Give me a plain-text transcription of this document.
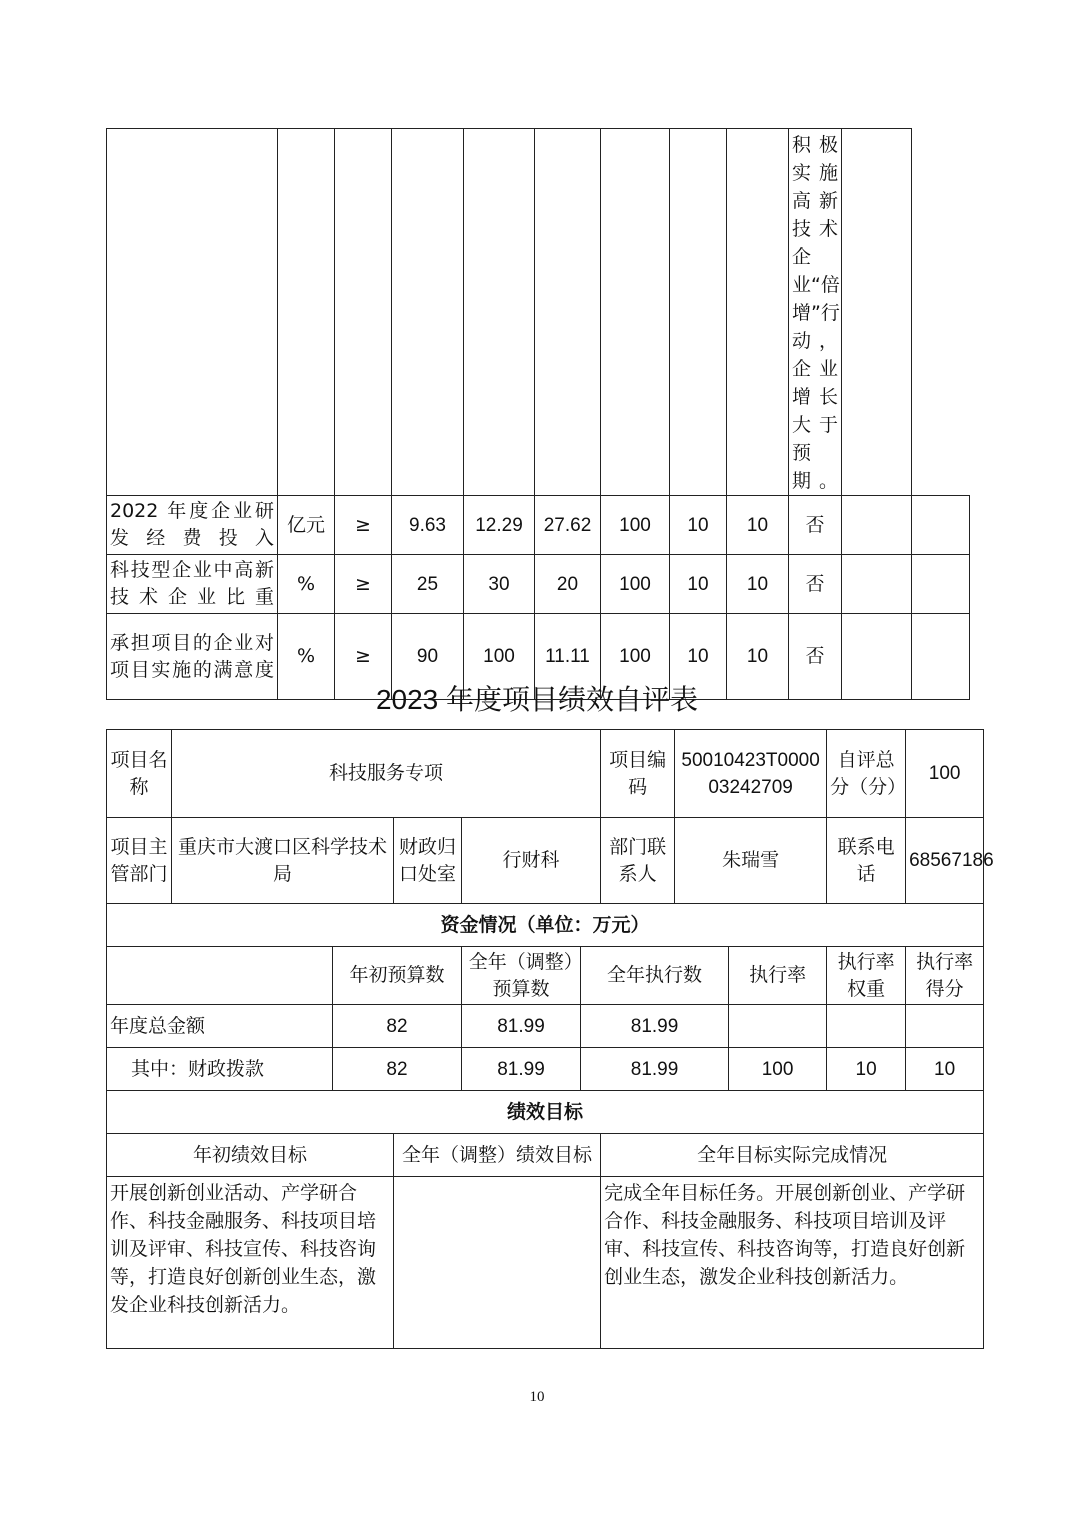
									积极实施高新技术企业“倍增”行动，企业增长大于预期。		
2022 年度企业研发经费投入	亿元	≥	9.63	12.29	27.62	100	10	10	否		
科技型企业中高新技术企业比重	%	≥	25	30	20	100	10	10	否		
承担项目的企业对项目实施的满意度	%	≥	90	100	11.11	100	10	10	否		
2023 年度项目绩效自评表
项目名称	科技服务专项					项目编码	50010423T000003242709		自评总分（分）	100
项目主管部门	重庆市大渡口区科学技术局		财政归口处室	行财科		部门联系人	朱瑞雪		联系电话	68567186
资金情况（单位：万元）										
		年初预算数		全年（调整）预算数	全年执行数			执行率	执行率权重	执行率得分
年度总金额		82		81.99	81.99					
其中：财政拨款		82		81.99	81.99			100	10	10
绩效目标										
年初绩效目标			全年（调整）绩效目标			全年目标实际完成情况				
开展创新创业活动、产学研合作、科技金融服务、科技项目培训及评审、科技宣传、科技咨询等，打造良好创新创业生态，激发企业科技创新活力。						完成全年目标任务。开展创新创业、产学研合作、科技金融服务、科技项目培训及评审、科技宣传、科技咨询等，打造良好创新创业生态，激发企业科技创新活力。				
10
